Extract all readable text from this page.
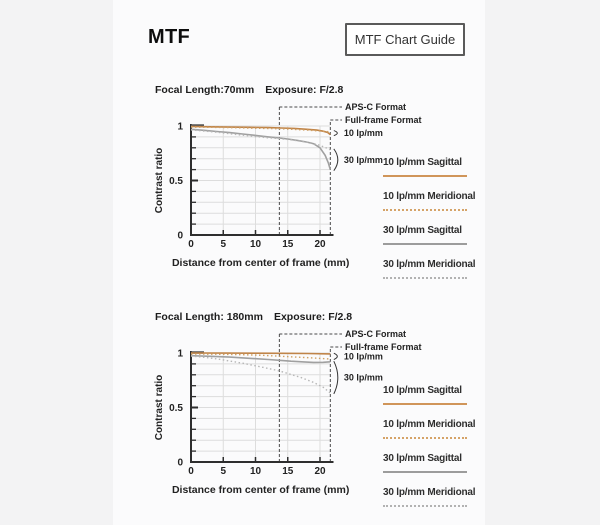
MTF	MTF Chart Guide
Focal Length:70mm Exposure: F/2.8
1
0.5
0
0	5 10 15 20
Contrast ratio
Distance from center of frame (mm)
APS-C Format
Full-frame Format
10 lp/mm
30 lp/mm 10 lp/mm Sagittal
10 lp/mm Meridional
30 lp/mm Sagittal
30 lp/mm Meridional
Focal Length: 180mm Exposure: F/2.8
1
0.5
0
0	5 10 15 20
Contrast ratio
Distance from center of frame (mm)
APS-C Format
Full-frame Format
10 lp/mm
30 lp/mm
10 lp/mm Sagittal
10 lp/mm Meridional
30 lp/mm Sagittal
30 lp/mm Meridional
